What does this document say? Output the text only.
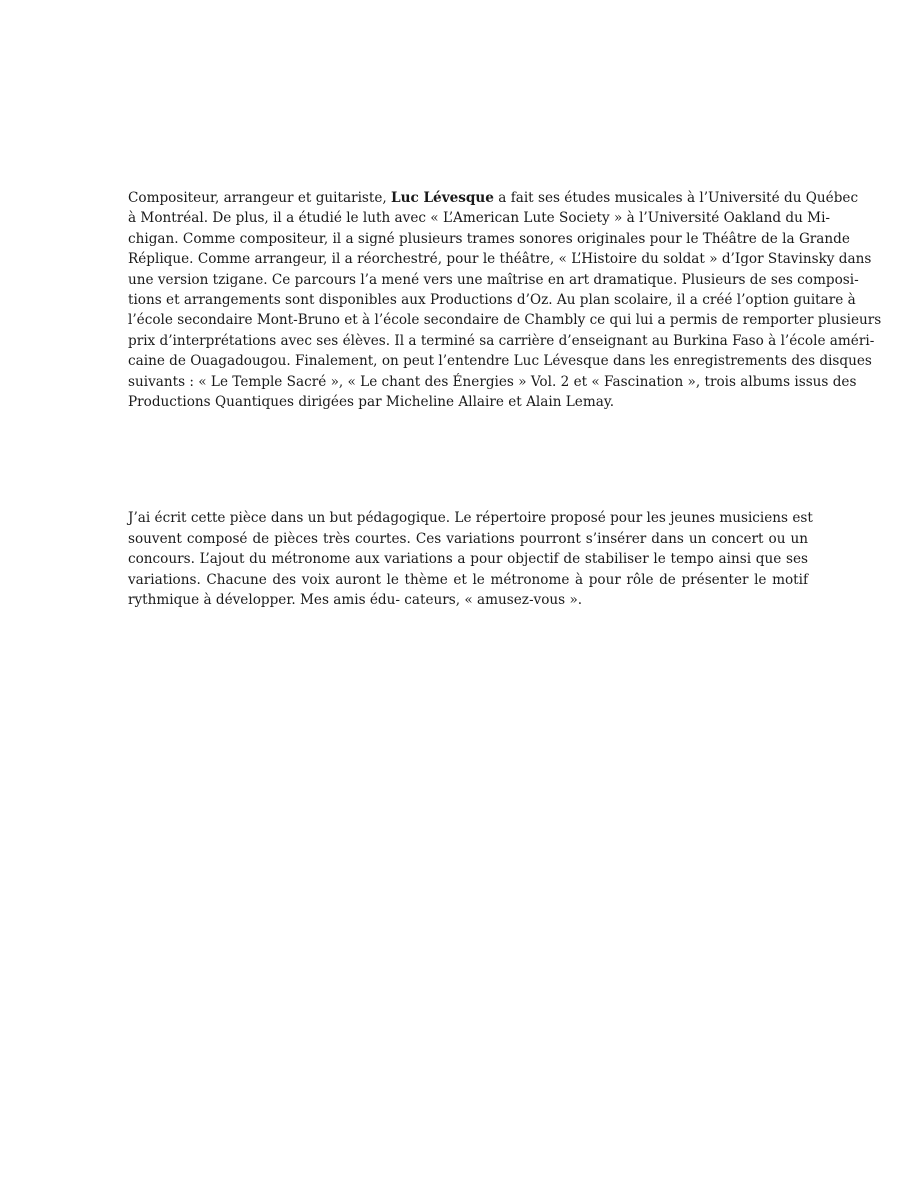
Compositeur, arrangeur et guitariste, Luc Lévesque a fait ses études musicales à l’Université du Québec
à Montréal. De plus, il a étudié le luth avec « L’American Lute Society » à l’Université Oakland du Mi-
chigan. Comme compositeur, il a signé plusieurs trames sonores originales pour le Théâtre de la Grande
Réplique. Comme arrangeur, il a réorchestré, pour le théâtre, « L’Histoire du soldat » d’Igor Stavinsky dans
une version tzigane. Ce parcours l’a mené vers une maîtrise en art dramatique. Plusieurs de ses composi-
tions et arrangements sont disponibles aux Productions d’Oz. Au plan scolaire, il a créé l’option guitare à
l’école secondaire Mont-Bruno et à l’école secondaire de Chambly ce qui lui a permis de remporter plusieurs
prix d’interprétations avec ses élèves. Il a terminé sa carrière d’enseignant au Burkina Faso à l’école améri-
caine de Ouagadougou. Finalement, on peut l’entendre Luc Lévesque dans les enregistrements des disques
suivants : « Le Temple Sacré », « Le chant des Énergies » Vol. 2 et « Fascination », trois albums issus des
Productions Quantiques dirigées par Micheline Allaire et Alain Lemay.
J’ai écrit cette pièce dans un but pédagogique. Le répertoire proposé pour les jeunes musiciens est
souvent composé de pièces très courtes. Ces variations pourront s’insérer dans un concert ou un
concours. L’ajout du métronome aux variations a pour objectif de stabiliser le tempo ainsi que ses
variations. Chacune des voix auront le thème et le métronome à pour rôle de présenter le motif
rythmique à développer. Mes amis édu- cateurs, « amusez-vous ».
